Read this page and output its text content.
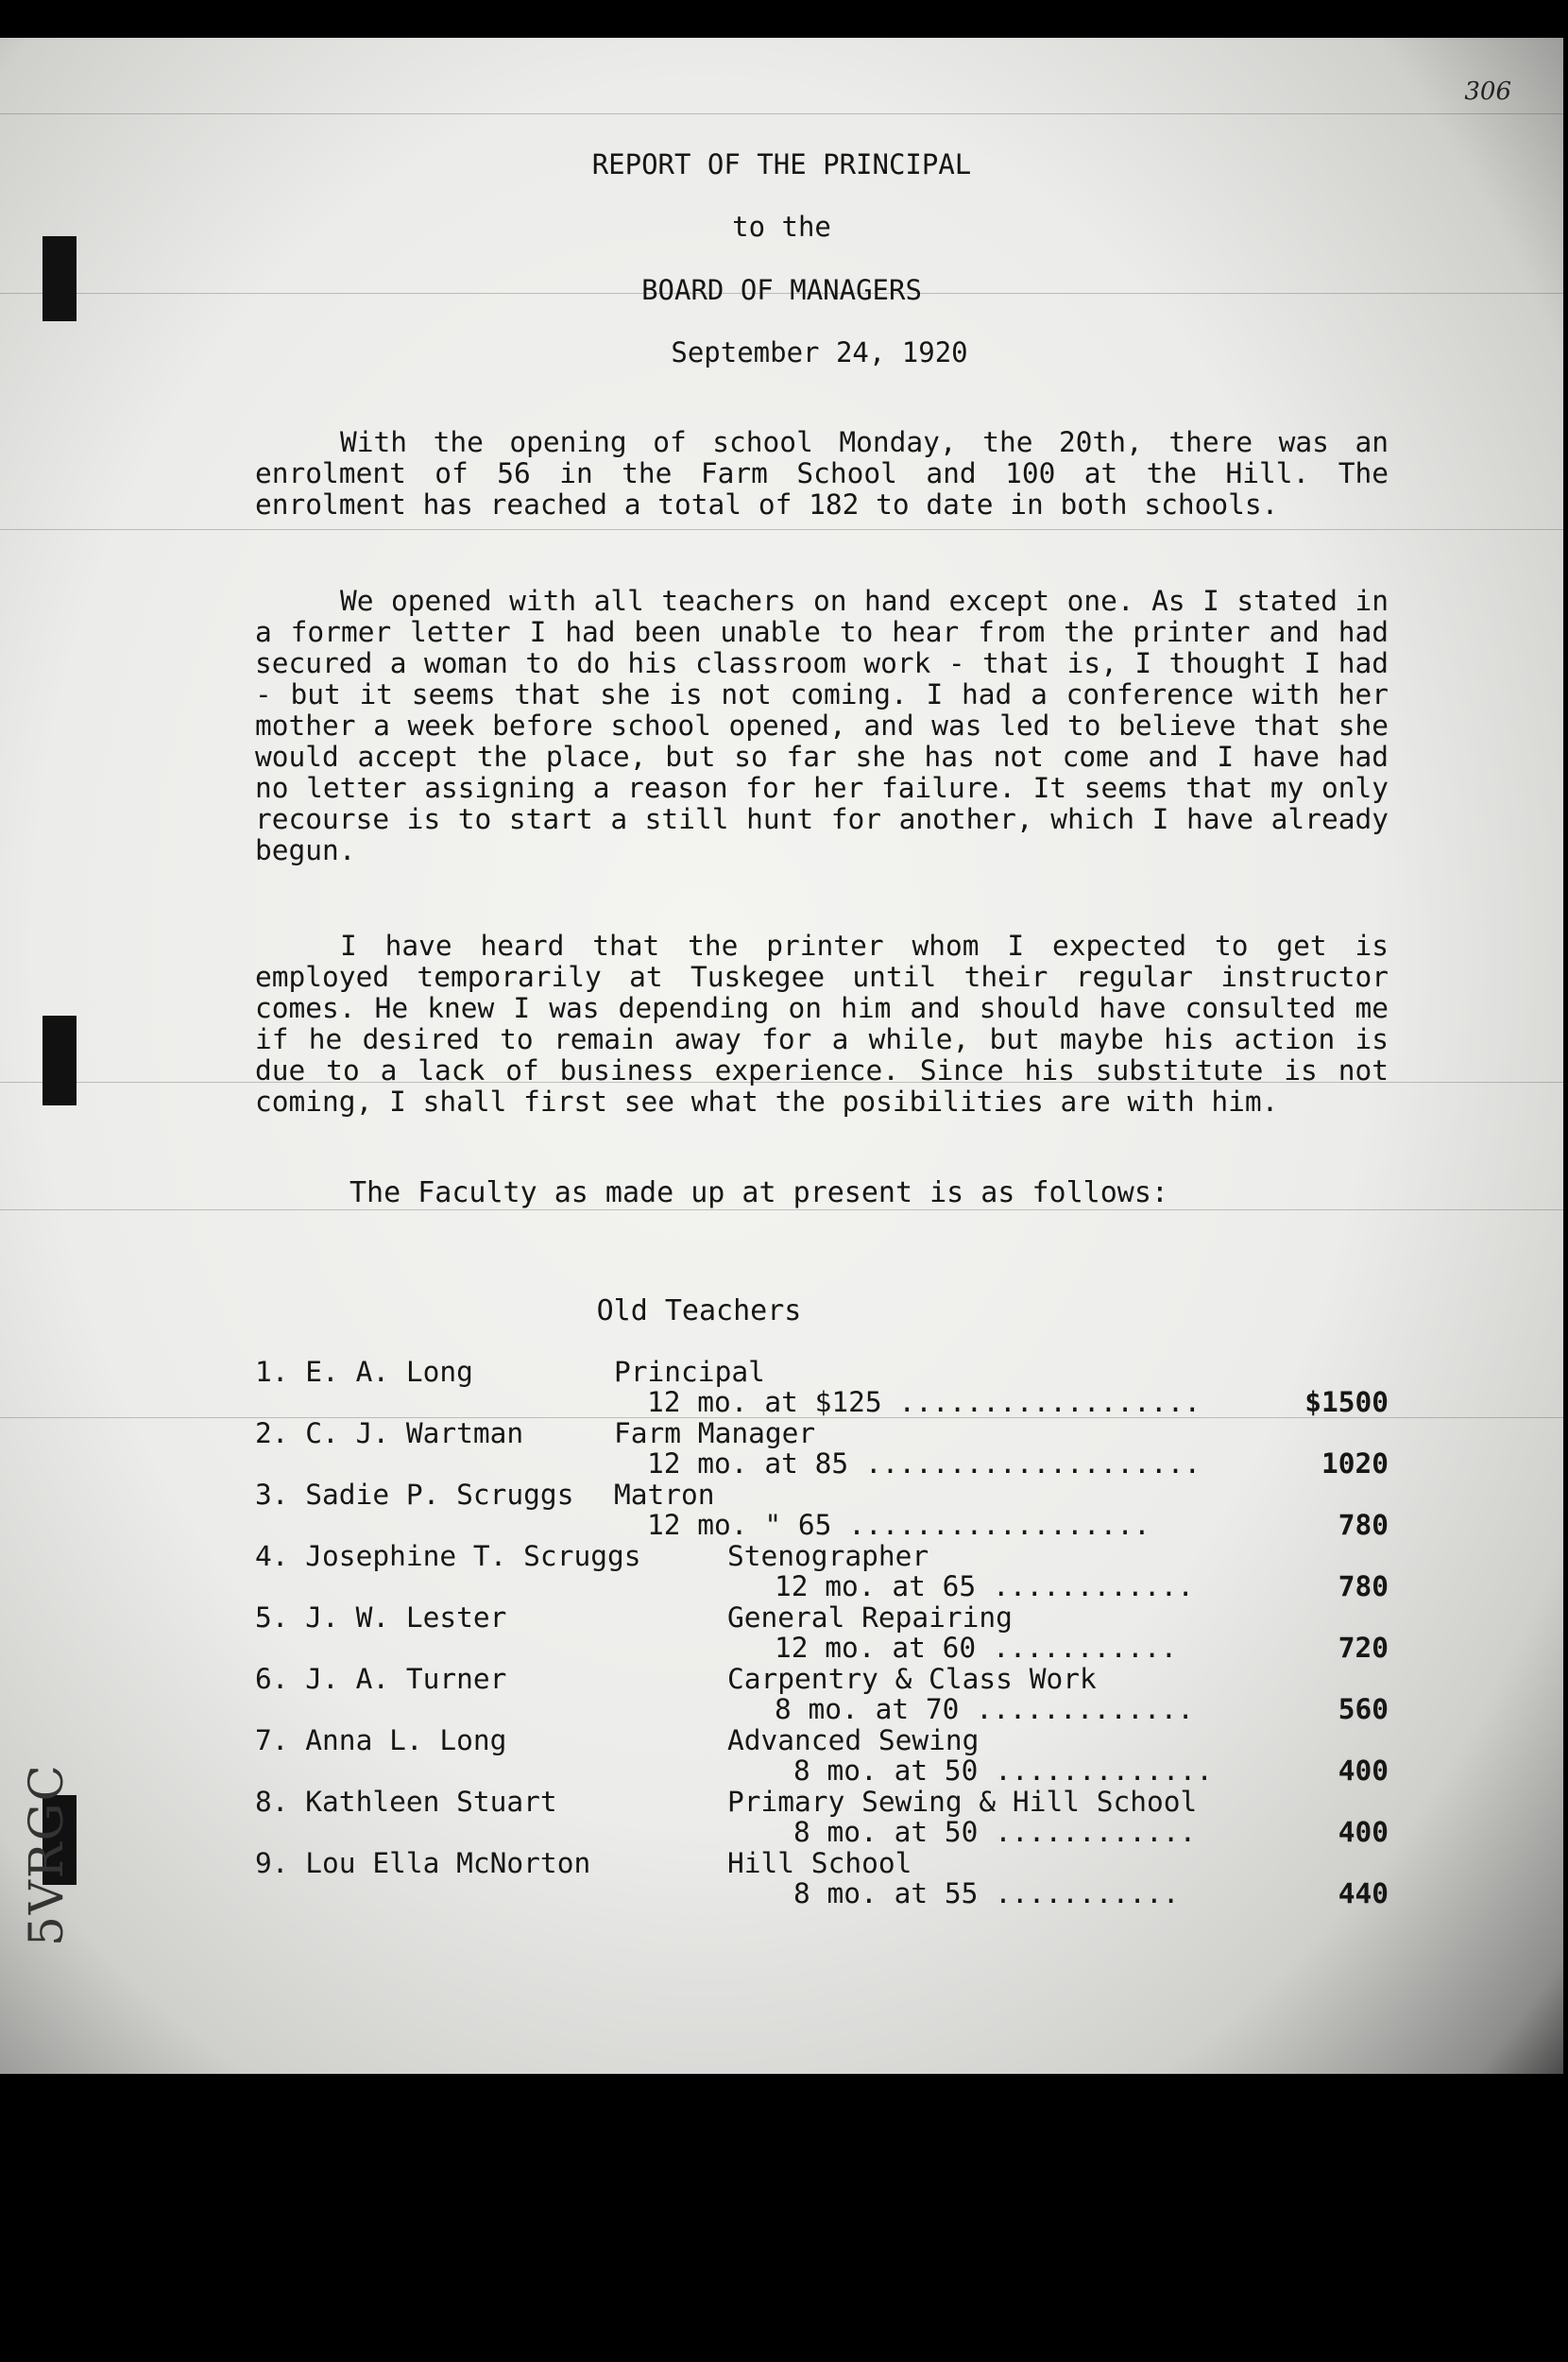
306
5VRGC
REPORT OF THE PRINCIPAL
to the
BOARD OF MANAGERS
September 24, 1920
With the opening of school Monday, the 20th, there was an enrolment of 56 in the Farm School and 100 at the Hill. The enrolment has reached a total of 182 to date in both schools.
We opened with all teachers on hand except one. As I stated in a former letter I had been unable to hear from the printer and had secured a woman to do his classroom work - that is, I thought I had - but it seems that she is not coming. I had a conference with her mother a week before school opened, and was led to believe that she would accept the place, but so far she has not come and I have had no letter assigning a reason for her failure. It seems that my only recourse is to start a still hunt for another, which I have already begun.
I have heard that the printer whom I expected to get is employed temporarily at Tuskegee until their regular instructor comes. He knew I was depending on him and should have consulted me if he desired to remain away for a while, but maybe his action is due to a lack of business experience. Since his substitute is not coming, I shall first see what the posibilities are with him.
The Faculty as made up at present is as follows:
Old Teachers
1. E. A. Long	Principal
12 mo. at $125 ..................	$1500
2. C. J. Wartman	Farm Manager
12 mo. at 85 ....................	1020
3. Sadie P. Scruggs Matron
12 mo. " 65 ..................	780
4. Josephine T. Scruggs	Stenographer
12 mo. at 65 ............	780
5. J. W. Lester	General Repairing
12 mo. at 60 ...........	720
6. J. A. Turner	Carpentry & Class Work
8 mo. at 70 .............	560
7. Anna L. Long	Advanced Sewing
8 mo. at 50 .............	400
8. Kathleen Stuart	Primary Sewing & Hill School
8 mo. at 50 ............	400
9. Lou Ella McNorton	Hill School
8 mo. at 55 ...........	440
